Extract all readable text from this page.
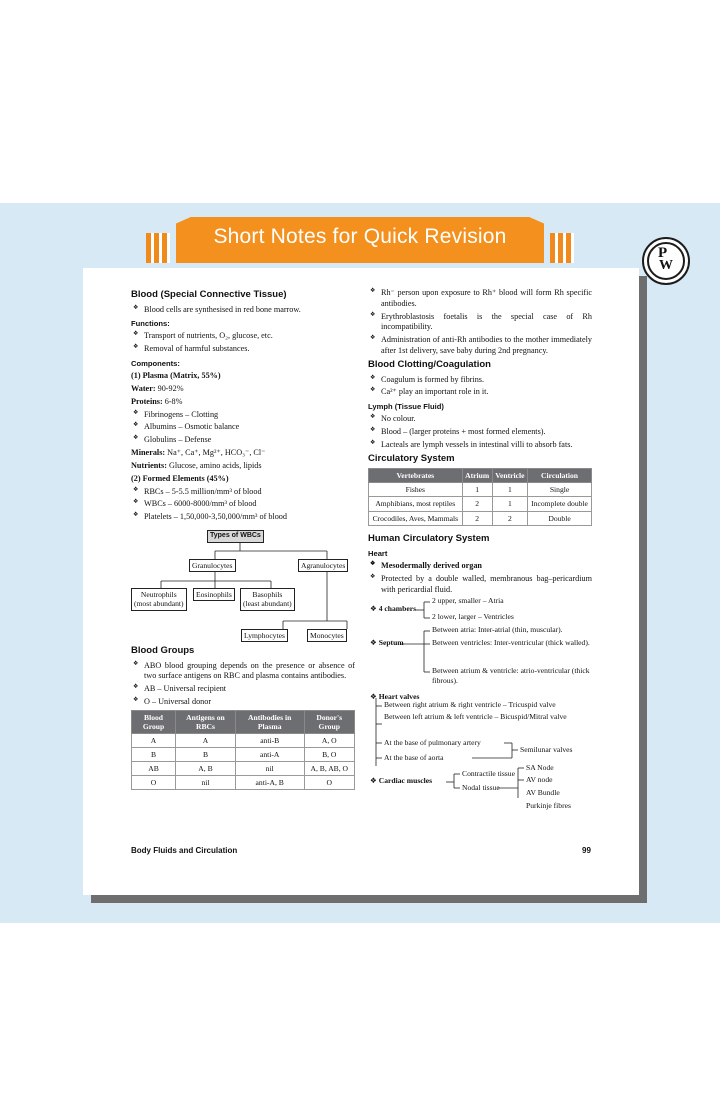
Short Notes for Quick Revision
P
W
Blood (Special Connective Tissue)
❖ Blood cells are synthesised in red bone marrow.
Functions:
❖ Transport of nutrients, O₂, glucose, etc.
❖ Removal of harmful substances.
Components:
(1) Plasma (Matrix, 55%)
Water: 90-92%
Proteins: 6-8%
❖ Fibrinogens – Clotting
❖ Albumins – Osmotic balance
❖ Globulins – Defense
Minerals: Na⁺, Ca⁺, Mg²⁺, HCO₃⁻, Cl⁻
Nutrients: Glucose, amino acids, lipids
(2) Formed Elements (45%)
❖ RBCs – 5-5.5 million/mm³ of blood
❖ WBCs – 6000-8000/mm³ of blood
❖ Platelets – 1,50,000-3,50,000/mm³ of blood
Types of WBCs
Granulocytes	Agranulocytes
Neutrophils
(most abundant)
Eosinophils	Basophils
(least abundant)
Lymphocytes	Monocytes
Blood Groups
❖ ABO blood grouping depends on the presence or absence of two surface antigens on RBC and plasma contains antibodies.
❖ AB – Universal recipient
❖ O – Universal donor
Blood Group	Antigens on RBCs	Antibodies in Plasma	Donor's Group
A	A	anti-B	A, O
B	B	anti-A	B, O
AB	A, B	nil	A, B, AB, O
O	nil	anti-A, B	O
❖ Rh⁻ person upon exposure to Rh⁺ blood will form Rh specific antibodies.
❖ Erythroblastosis foetalis is the special case of Rh incompatibility.
❖ Administration of anti-Rh antibodies to the mother immediately after 1st delivery, save baby during 2nd pregnancy.
Blood Clotting/Coagulation
❖ Coagulum is formed by fibrins.
❖ Ca²⁺ play an important role in it.
Lymph (Tissue Fluid)
❖ No colour.
❖ Blood – (larger proteins + most formed elements).
❖ Lacteals are lymph vessels in intestinal villi to absorb fats.
Circulatory System
Vertebrates	Atrium	Ventricle	Circulation
Fishes	1	1	Single
Amphibians, most reptiles	2	1	Incomplete double
Crocodiles, Aves, Mammals	2	2	Double
Human Circulatory System
Heart
❖ Mesodermally derived organ
❖ Protected by a double walled, membranous bag–pericardium with pericardial fluid.
❖ 4 chambers
2 upper, smaller – Atria
2 lower, larger – Ventricles
❖ Septum
Between atria: Inter-atrial (thin, muscular).
Between ventricles: Inter-ventricular (thick walled).
Between atrium & ventricle: atrio-ventricular (thick fibrous).
❖ Heart valves
Between right atrium & right ventricle – Tricuspid valve
Between left atrium & left ventricle – Bicuspid/Mitral valve
At the base of pulmonary artery
At the base of aorta
Semilunar valves
❖ Cardiac muscles
Contractile tissue
Nodal tissue
SA Node
AV node
AV Bundle
Purkinje fibres
Body Fluids and Circulation	99
